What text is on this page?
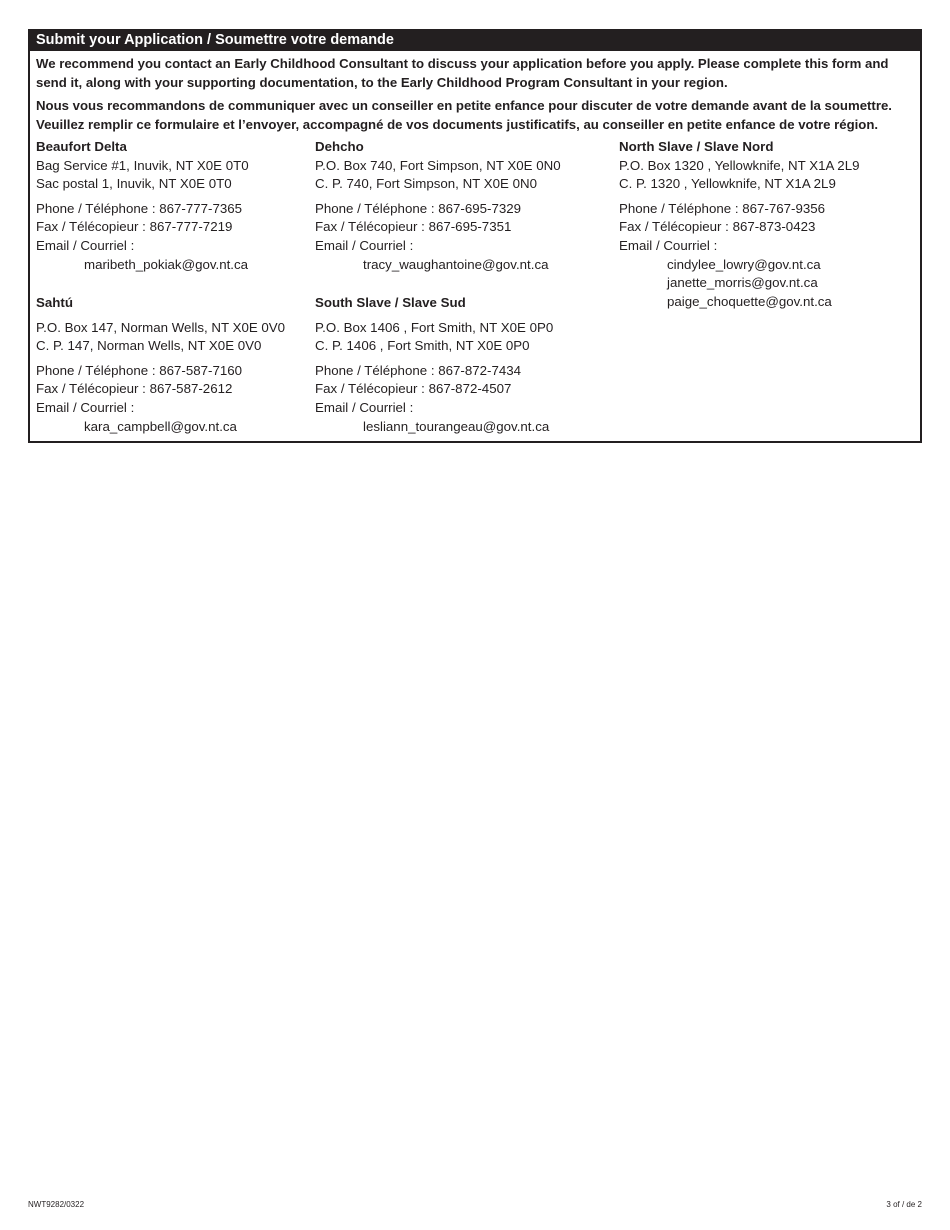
Submit your Application / Soumettre votre demande
We recommend you contact an Early Childhood Consultant to discuss your application before you apply. Please complete this form and send it, along with your supporting documentation, to the Early Childhood Program Consultant in your region.
Nous vous recommandons de communiquer avec un conseiller en petite enfance pour discuter de votre demande avant de la soumettre. Veuillez remplir ce formulaire et l’envoyer, accompagné de vos documents justificatifs, au conseiller en petite enfance de votre région.
Beaufort Delta
Bag Service #1, Inuvik, NT X0E 0T0
Sac postal 1, Inuvik, NT X0E 0T0
Phone / Téléphone : 867-777-7365
Fax / Télécopieur : 867-777-7219
Email / Courriel :
maribeth_pokiak@gov.nt.ca
Dehcho
P.O. Box 740, Fort Simpson, NT X0E 0N0
C. P. 740, Fort Simpson, NT X0E 0N0
Phone / Téléphone : 867-695-7329
Fax / Télécopieur : 867-695-7351
Email / Courriel :
tracy_waughantoine@gov.nt.ca
North Slave / Slave Nord
P.O. Box 1320 , Yellowknife, NT X1A 2L9
C. P. 1320 , Yellowknife, NT X1A 2L9
Phone / Téléphone : 867-767-9356
Fax / Télécopieur : 867-873-0423
Email / Courriel :
cindylee_lowry@gov.nt.ca
janette_morris@gov.nt.ca
paige_choquette@gov.nt.ca
Sahtú
P.O. Box 147, Norman Wells, NT X0E 0V0
C. P. 147, Norman Wells, NT X0E 0V0
Phone / Téléphone : 867-587-7160
Fax / Télécopieur : 867-587-2612
Email / Courriel :
kara_campbell@gov.nt.ca
South Slave / Slave Sud
P.O. Box 1406 , Fort Smith, NT X0E 0P0
C. P. 1406 , Fort Smith, NT X0E 0P0
Phone / Téléphone : 867-872-7434
Fax / Télécopieur : 867-872-4507
Email / Courriel :
lesliann_tourangeau@gov.nt.ca
NWT9282/0322	3 of / de 2
